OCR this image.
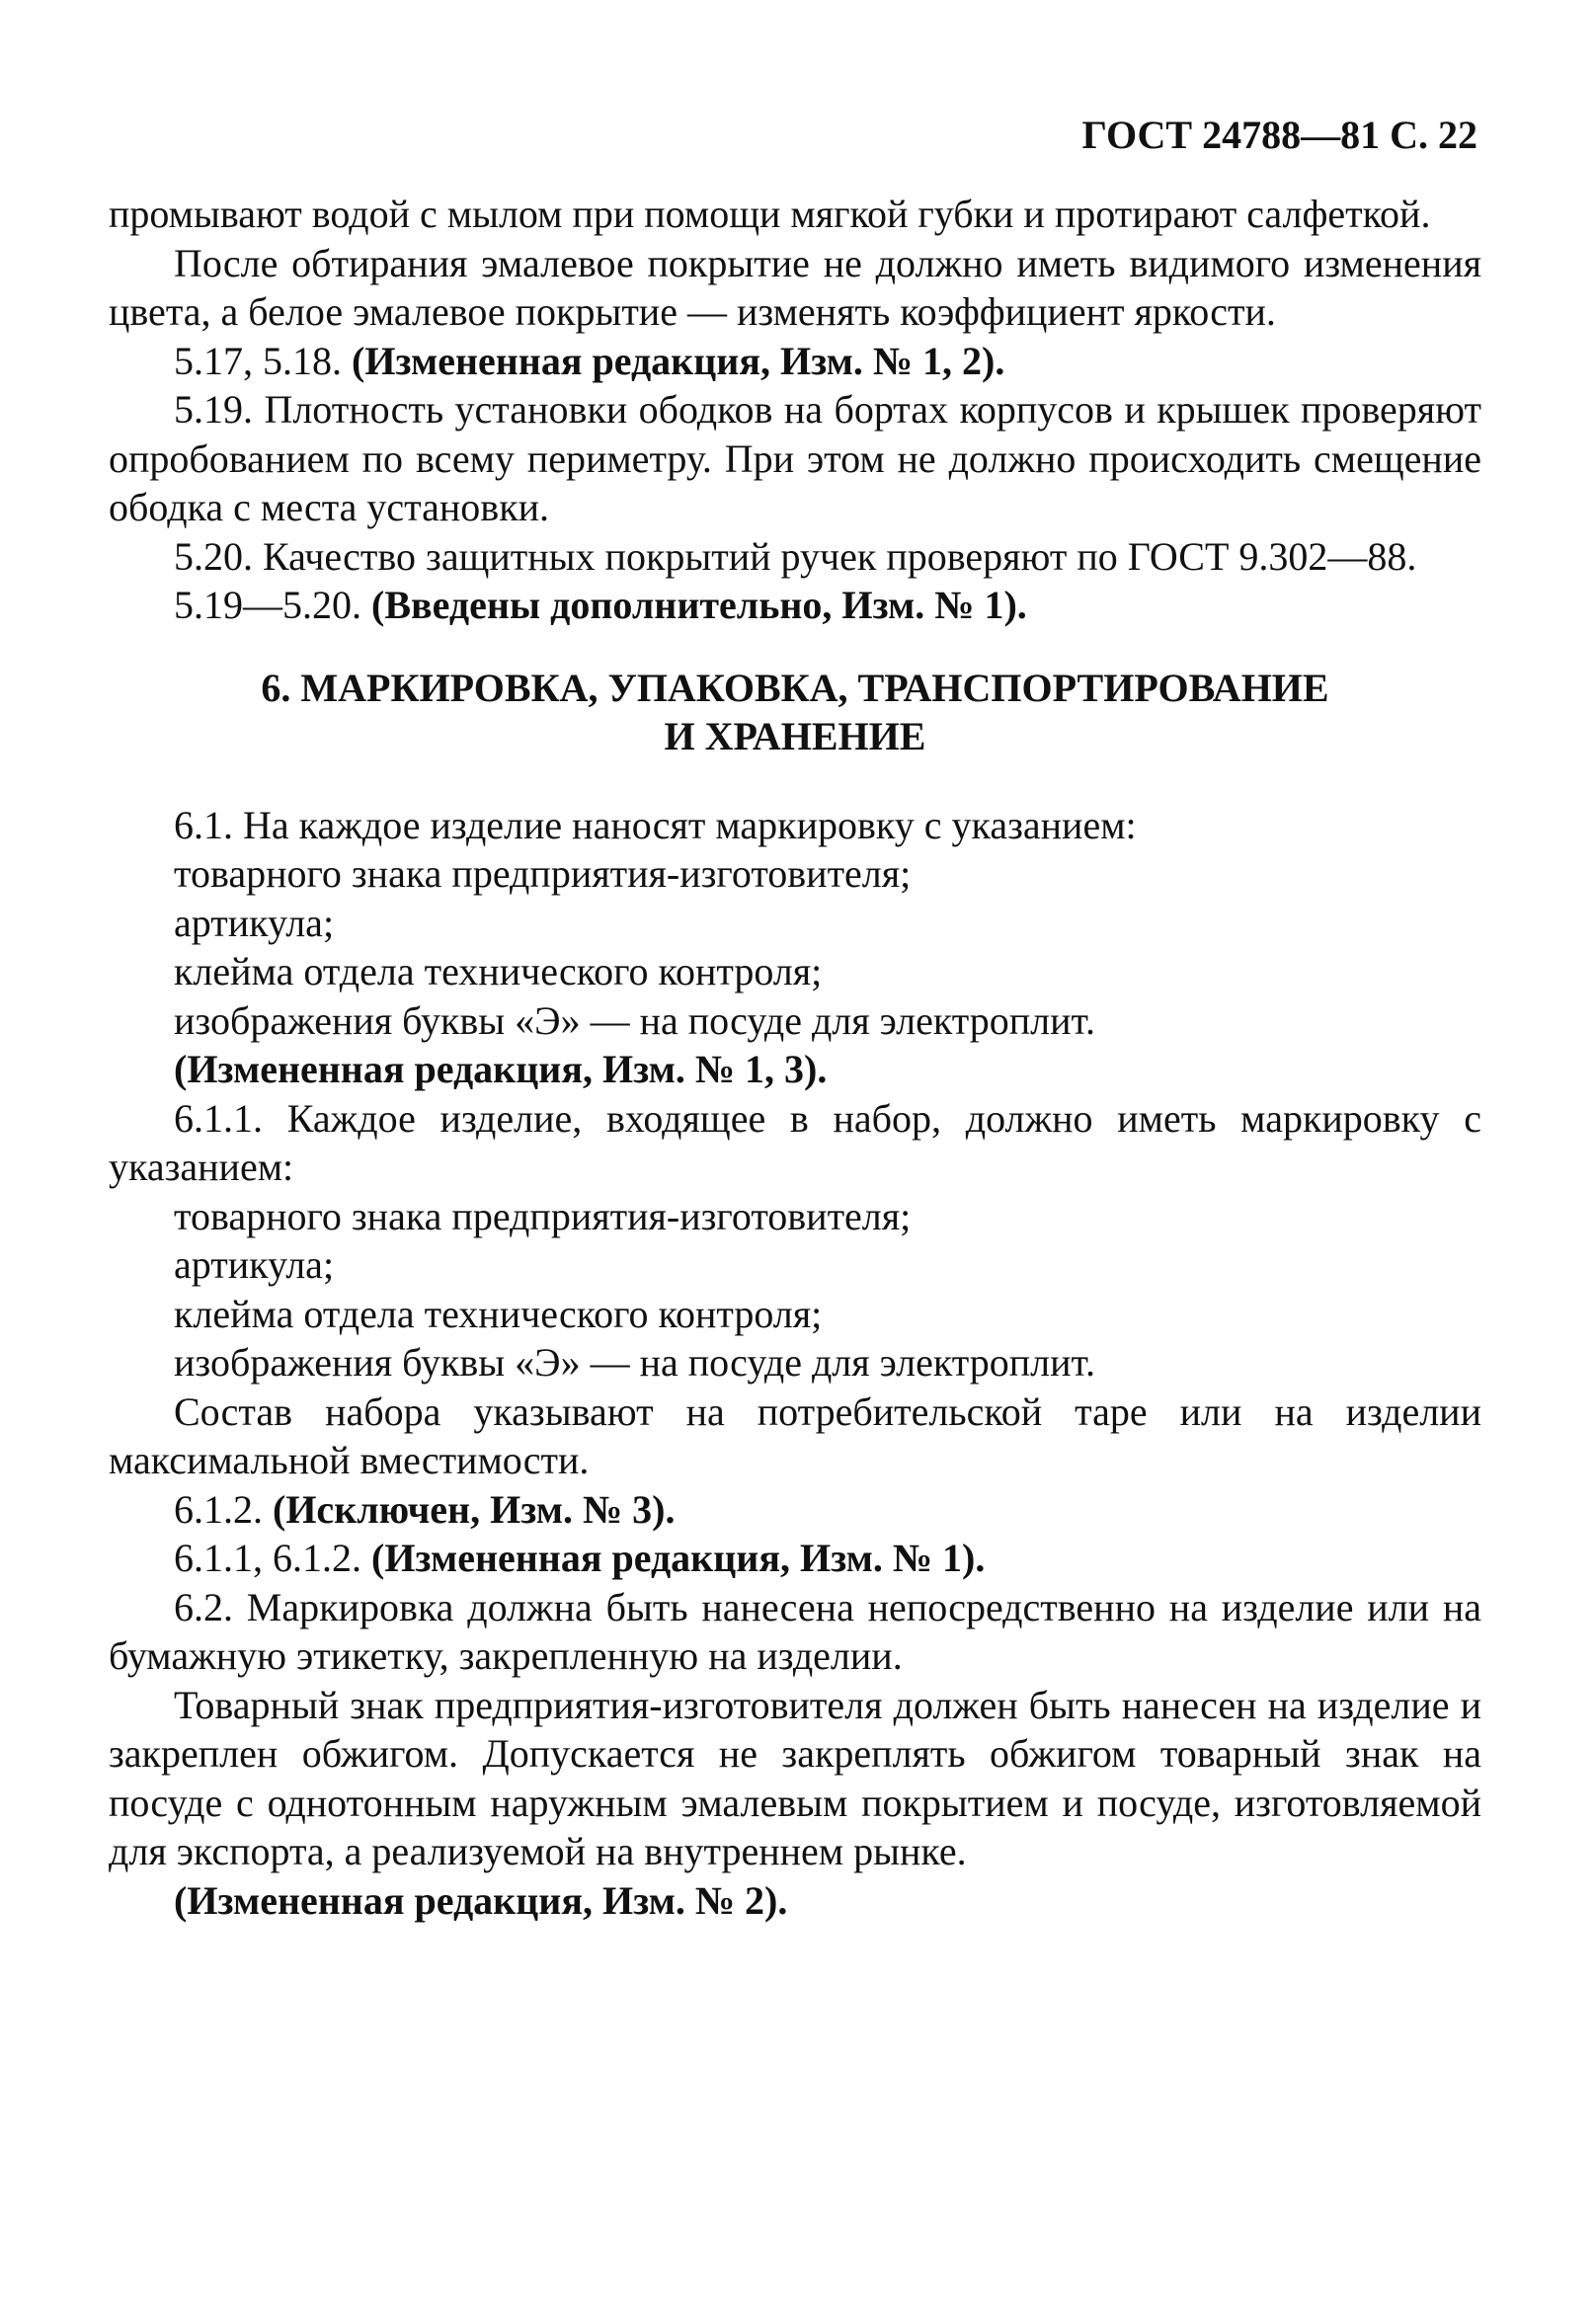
ГОСТ 24788—81 С. 22

промывают водой с мылом при помощи мягкой губки и протирают салфеткой.

После обтирания эмалевое покрытие не должно иметь видимого изменения цвета, а белое эмалевое покрытие — изменять коэффициент яркости.

5.17, 5.18. (Измененная редакция, Изм. № 1, 2).

5.19. Плотность установки ободков на бортах корпусов и крышек проверяют опробованием по всему периметру. При этом не должно происходить смещение ободка с места установки.

5.20. Качество защитных покрытий ручек проверяют по ГОСТ 9.302—88.

5.19—5.20. (Введены дополнительно, Изм. № 1).

6. МАРКИРОВКА, УПАКОВКА, ТРАНСПОРТИРОВАНИЕ
И ХРАНЕНИЕ

6.1. На каждое изделие наносят маркировку с указанием:

товарного знака предприятия-изготовителя;
артикула;
клейма отдела технического контроля;
изображения буквы «Э» — на посуде для электроплит.

(Измененная редакция, Изм. № 1, 3).

6.1.1. Каждое изделие, входящее в набор, должно иметь маркировку с указанием:

товарного знака предприятия-изготовителя;
артикула;
клейма отдела технического контроля;
изображения буквы «Э» — на посуде для электроплит.

Состав набора указывают на потребительской таре или на изделии максимальной вместимости.

6.1.2. (Исключен, Изм. № 3).

6.1.1, 6.1.2. (Измененная редакция, Изм. № 1).

6.2. Маркировка должна быть нанесена непосредственно на изделие или на бумажную этикетку, закрепленную на изделии.

Товарный знак предприятия-изготовителя должен быть нанесен на изделие и закреплен обжигом. Допускается не закреплять обжигом товарный знак на посуде с однотонным наружным эмалевым покрытием и посуде, изготовляемой для экспорта, а реализуемой на внутреннем рынке.

(Измененная редакция, Изм. № 2).
